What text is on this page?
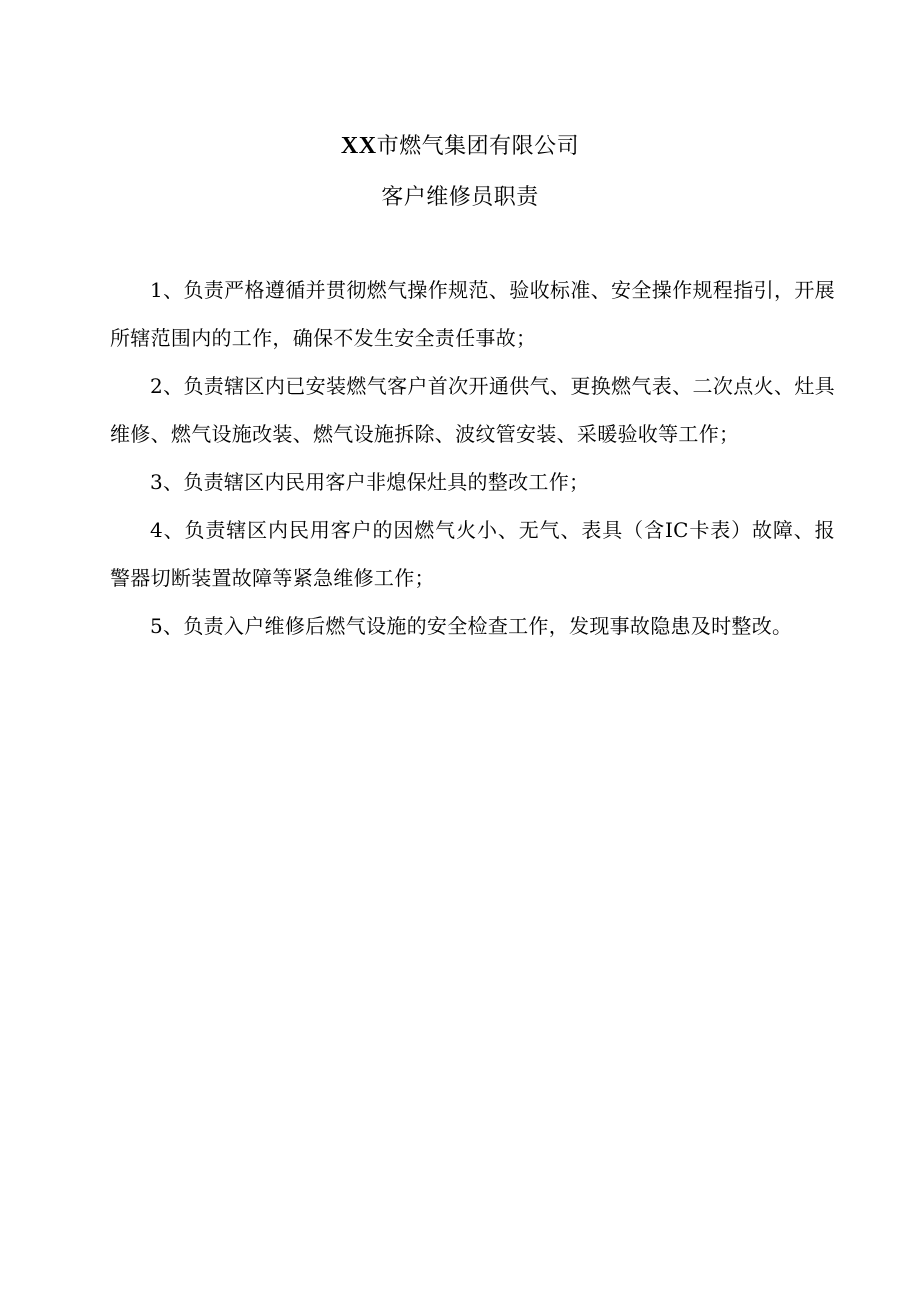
XX市燃气集团有限公司
客户维修员职责

1、负责严格遵循并贯彻燃气操作规范、验收标准、安全操作规程指引，开展所辖范围内的工作，确保不发生安全责任事故；

2、负责辖区内已安装燃气客户首次开通供气、更换燃气表、二次点火、灶具维修、燃气设施改装、燃气设施拆除、波纹管安装、采暖验收等工作；

3、负责辖区内民用客户非熄保灶具的整改工作；

4、负责辖区内民用客户的因燃气火小、无气、表具（含IC卡表）故障、报警器切断装置故障等紧急维修工作；

5、负责入户维修后燃气设施的安全检查工作，发现事故隐患及时整改。
